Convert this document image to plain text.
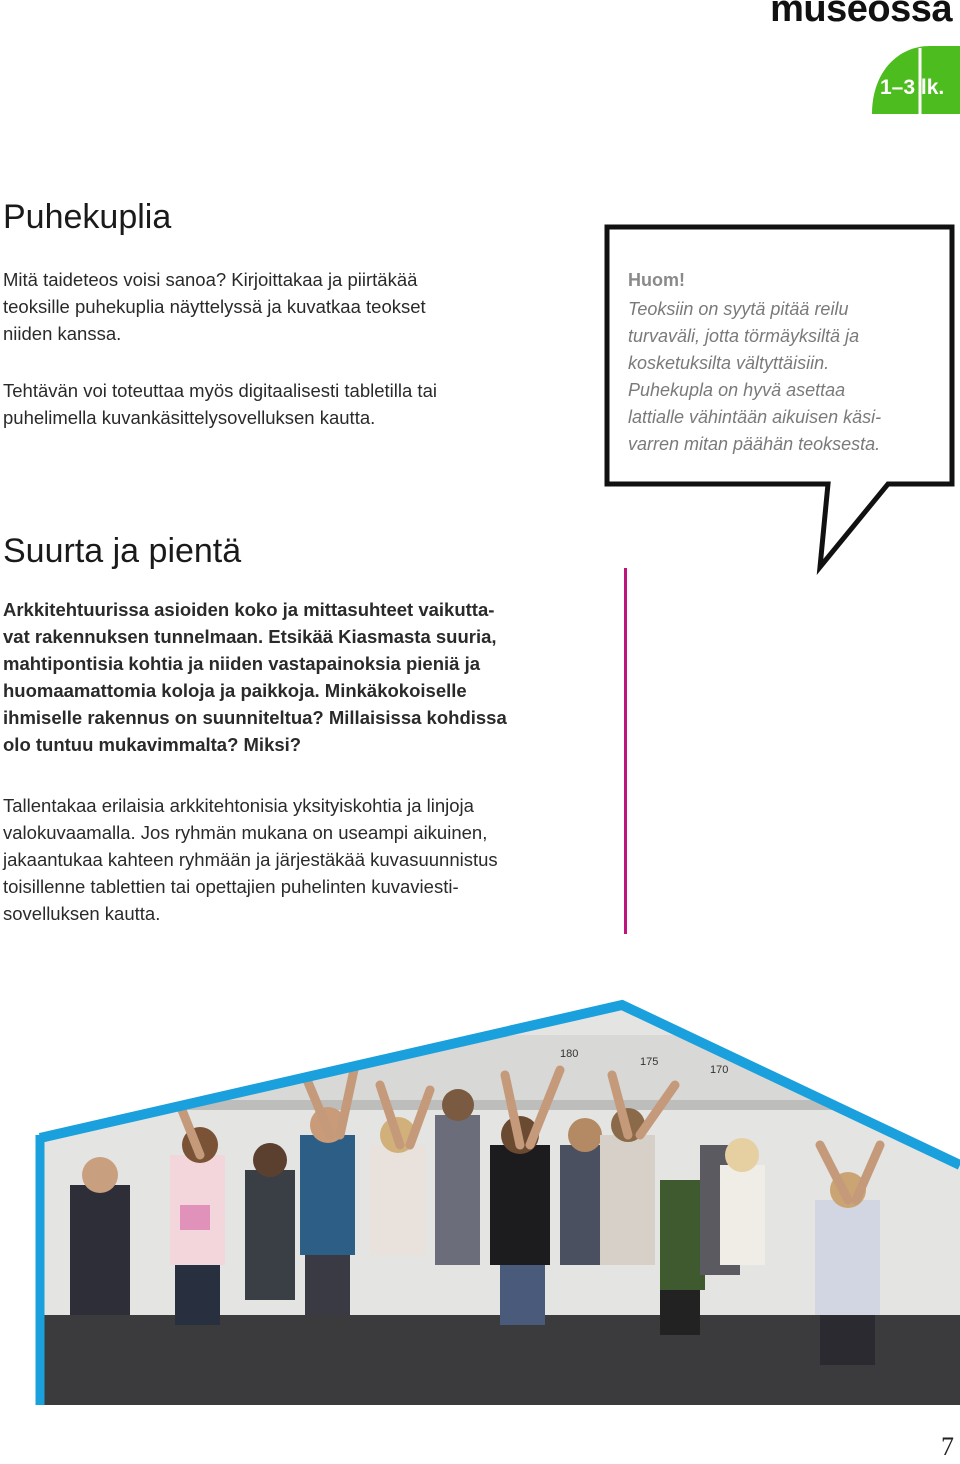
museossa
1–3 lk.
Puhekuplia

Mitä taideteos voisi sanoa? Kirjoittakaa ja piirtäkää
teoksille puhekuplia näyttelyssä ja kuvatkaa teokset
niiden kanssa.

Tehtävän voi toteuttaa myös digitaalisesti tabletilla tai
puhelimella kuvankäsittelysovelluksen kautta.

Huom!

Teoksiin on syytä pitää reilu
turvaväli, jotta törmäyksiltä ja
kosketuksilta vältyttäisiin.
Puhekupla on hyvä asettaa
lattialle vähintään aikuisen käsi-
varren mitan päähän teoksesta.

Suurta ja pientä

Arkkitehtuurissa asioiden koko ja mittasuhteet vaikutta-
vat rakennuksen tunnelmaan. Etsikää Kiasmasta suuria,
mahtipontisia kohtia ja niiden vastapainoksia pieniä ja
huomaamattomia koloja ja paikkoja. Minkäkokoiselle
ihmiselle rakennus on suunniteltua? Millaisissa kohdissa
olo tuntuu mukavimmalta? Miksi?

Tallentakaa erilaisia arkkitehtonisia yksityiskohtia ja linjoja
valokuvaamalla. Jos ryhmän mukana on useampi aikuinen,
jakaantukaa kahteen ryhmään ja järjestäkää kuvasuunnistus
toisillenne tablettien tai opettajien puhelinten kuvaviesti-
sovelluksen kautta.

180
175
170
7
